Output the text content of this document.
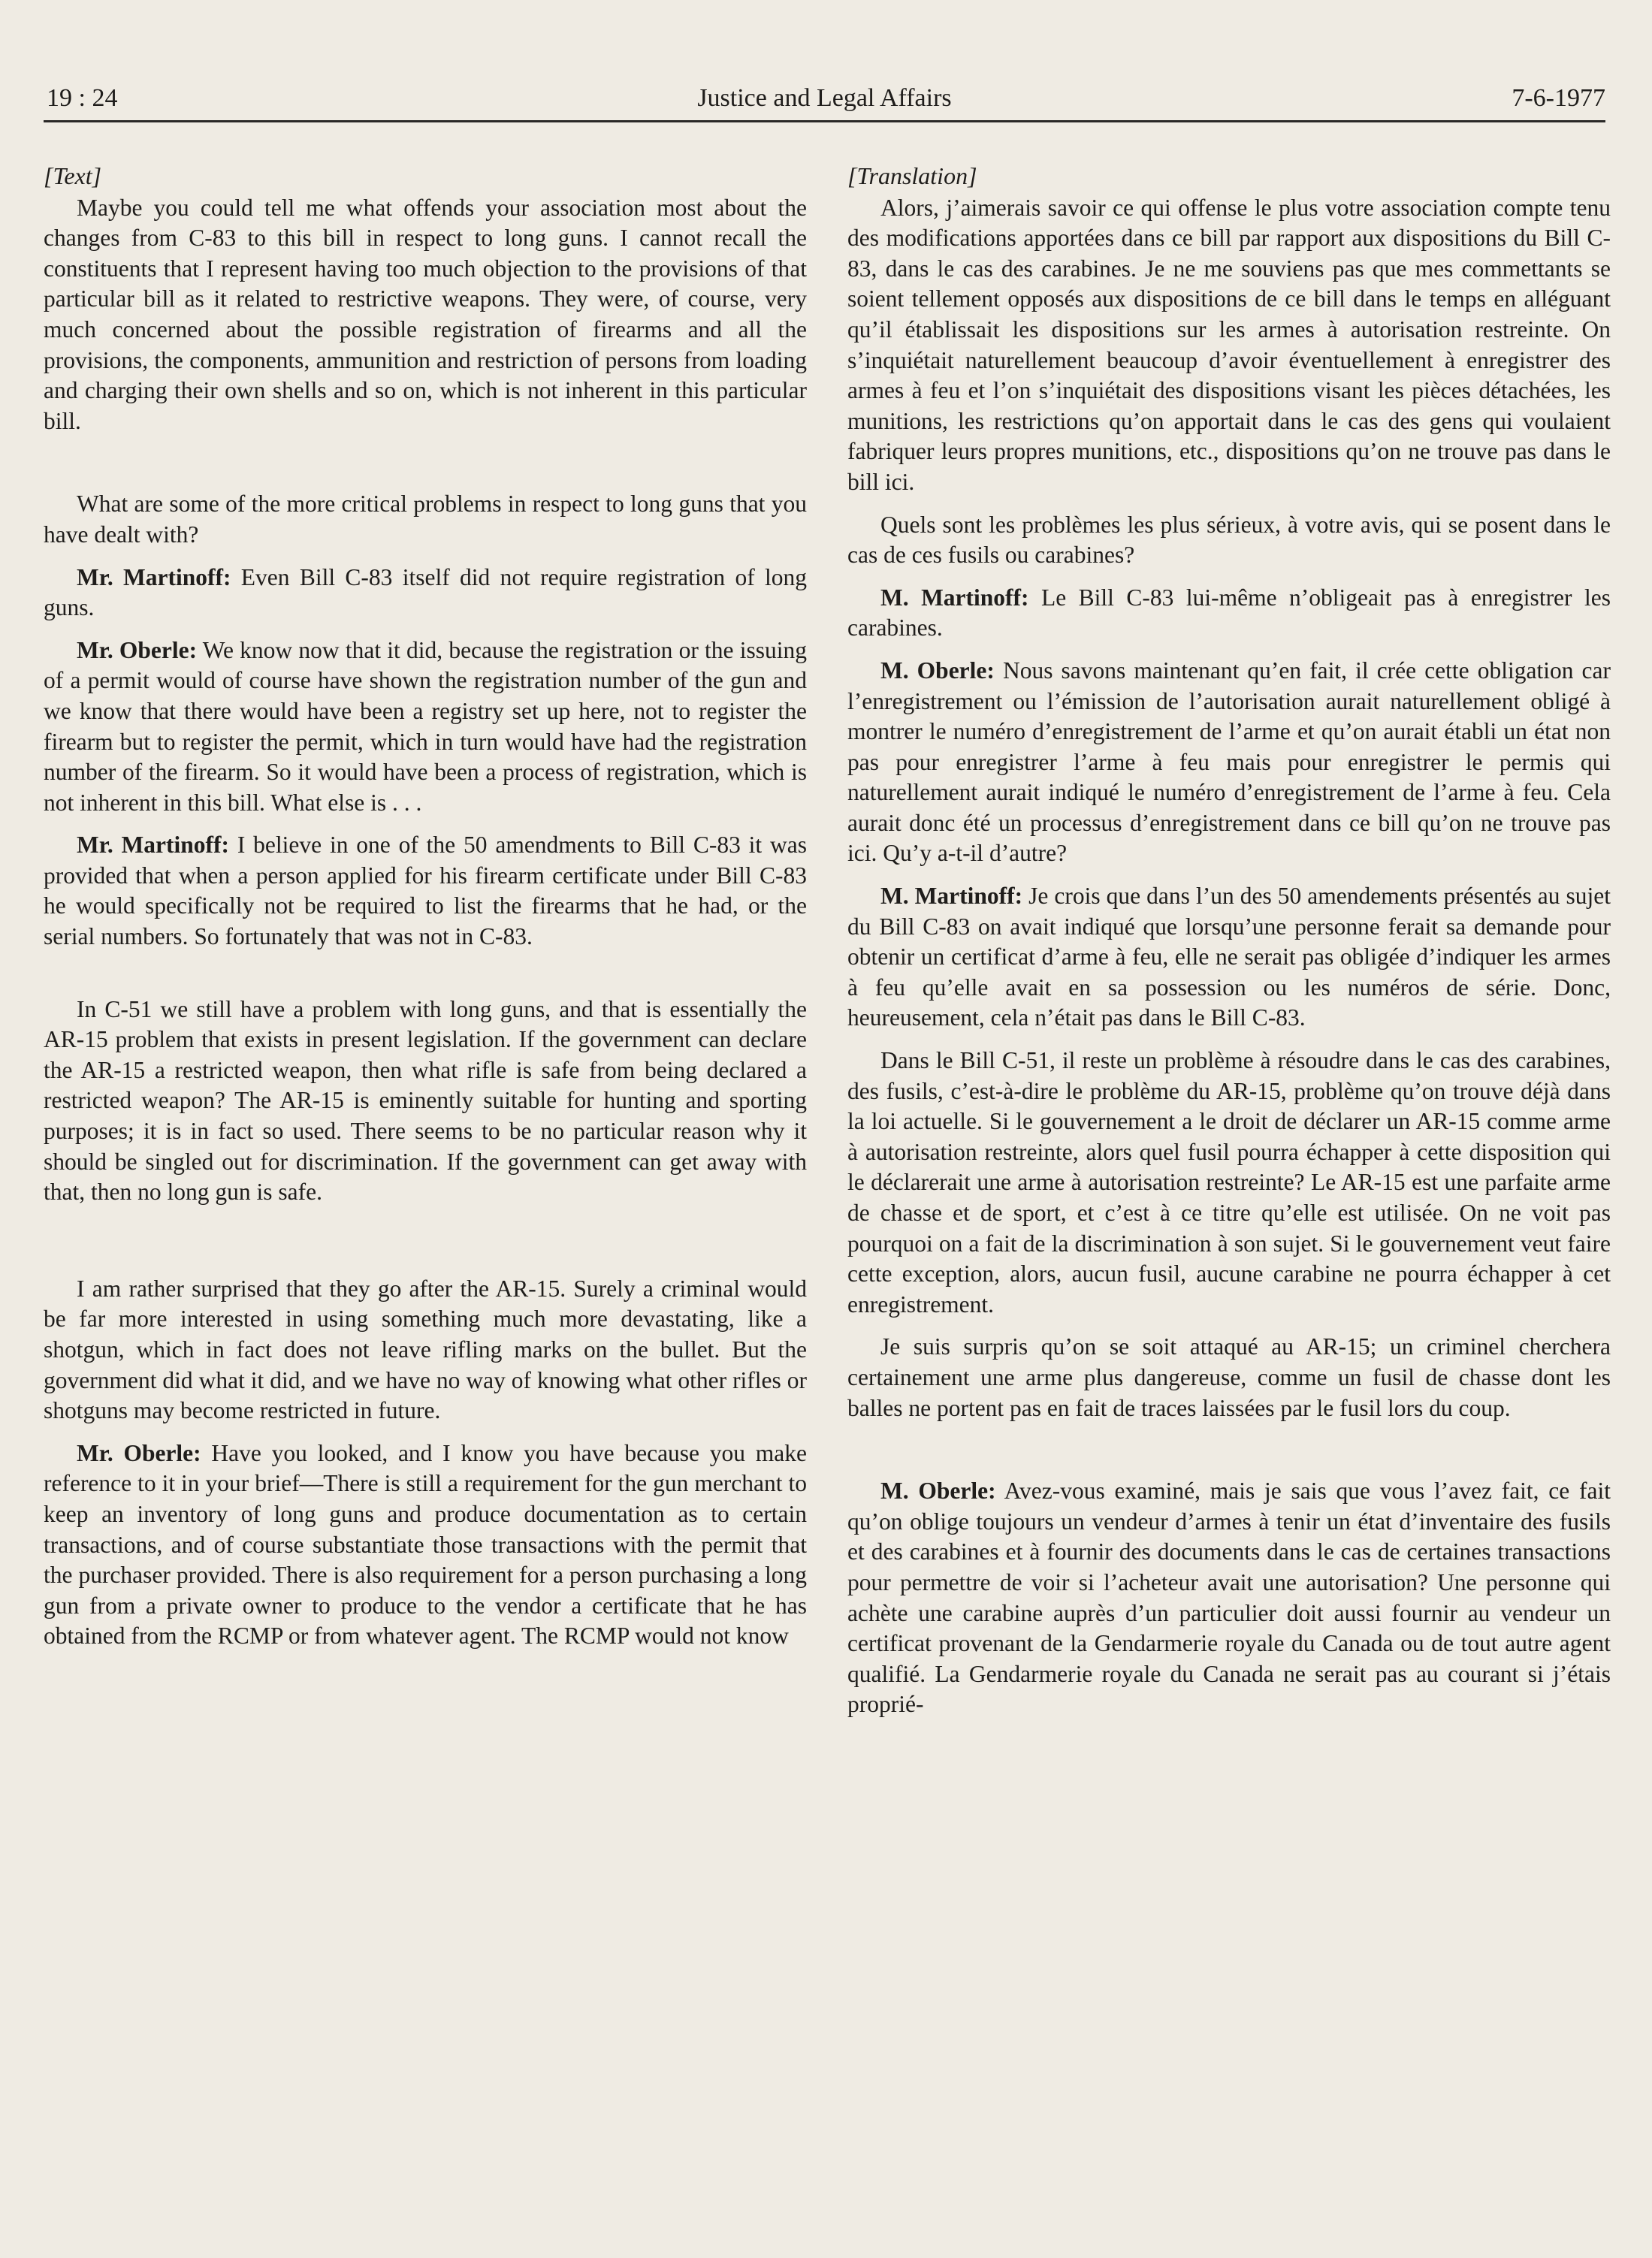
19 : 24	Justice and Legal Affairs	7-6-1977
[Text]

Maybe you could tell me what offends your association most about the changes from C-83 to this bill in respect to long guns. I cannot recall the constituents that I represent having too much objection to the provisions of that particular bill as it related to restrictive weapons. They were, of course, very much concerned about the possible registration of firearms and all the provisions, the components, ammunition and restriction of persons from loading and charging their own shells and so on, which is not inherent in this particular bill.

What are some of the more critical problems in respect to long guns that you have dealt with?

Mr. Martinoff: Even Bill C-83 itself did not require registration of long guns.

Mr. Oberle: We know now that it did, because the registration or the issuing of a permit would of course have shown the registration number of the gun and we know that there would have been a registry set up here, not to register the firearm but to register the permit, which in turn would have had the registration number of the firearm. So it would have been a process of registration, which is not inherent in this bill. What else is . . .

Mr. Martinoff: I believe in one of the 50 amendments to Bill C-83 it was provided that when a person applied for his firearm certificate under Bill C-83 he would specifically not be required to list the firearms that he had, or the serial numbers. So fortunately that was not in C-83.

In C-51 we still have a problem with long guns, and that is essentially the AR-15 problem that exists in present legislation. If the government can declare the AR-15 a restricted weapon, then what rifle is safe from being declared a restricted weapon? The AR-15 is eminently suitable for hunting and sporting purposes; it is in fact so used. There seems to be no particular reason why it should be singled out for discrimination. If the government can get away with that, then no long gun is safe.

I am rather surprised that they go after the AR-15. Surely a criminal would be far more interested in using something much more devastating, like a shotgun, which in fact does not leave rifling marks on the bullet. But the government did what it did, and we have no way of knowing what other rifles or shotguns may become restricted in future.

Mr. Oberle: Have you looked, and I know you have because you make reference to it in your brief—There is still a requirement for the gun merchant to keep an inventory of long guns and produce documentation as to certain transactions, and of course substantiate those transactions with the permit that the purchaser provided. There is also requirement for a person purchasing a long gun from a private owner to produce to the vendor a certificate that he has obtained from the RCMP or from whatever agent. The RCMP would not know

[Translation]

Alors, j’aimerais savoir ce qui offense le plus votre association compte tenu des modifications apportées dans ce bill par rapport aux dispositions du Bill C-83, dans le cas des carabines. Je ne me souviens pas que mes commettants se soient tellement opposés aux dispositions de ce bill dans le temps en alléguant qu’il établissait les dispositions sur les armes à autorisation restreinte. On s’inquiétait naturellement beaucoup d’avoir éventuellement à enregistrer des armes à feu et l’on s’inquiétait des dispositions visant les pièces détachées, les munitions, les restrictions qu’on apportait dans le cas des gens qui voulaient fabriquer leurs propres munitions, etc., dispositions qu’on ne trouve pas dans le bill ici.

Quels sont les problèmes les plus sérieux, à votre avis, qui se posent dans le cas de ces fusils ou carabines?

M. Martinoff: Le Bill C-83 lui-même n’obligeait pas à enregistrer les carabines.

M. Oberle: Nous savons maintenant qu’en fait, il crée cette obligation car l’enregistrement ou l’émission de l’autorisation aurait naturellement obligé à montrer le numéro d’enregistrement de l’arme et qu’on aurait établi un état non pas pour enregistrer l’arme à feu mais pour enregistrer le permis qui naturellement aurait indiqué le numéro d’enregistrement de l’arme à feu. Cela aurait donc été un processus d’enregistrement dans ce bill qu’on ne trouve pas ici. Qu’y a-t-il d’autre?

M. Martinoff: Je crois que dans l’un des 50 amendements présentés au sujet du Bill C-83 on avait indiqué que lorsqu’une personne ferait sa demande pour obtenir un certificat d’arme à feu, elle ne serait pas obligée d’indiquer les armes à feu qu’elle avait en sa possession ou les numéros de série. Donc, heureusement, cela n’était pas dans le Bill C-83.

Dans le Bill C-51, il reste un problème à résoudre dans le cas des carabines, des fusils, c’est-à-dire le problème du AR-15, problème qu’on trouve déjà dans la loi actuelle. Si le gouvernement a le droit de déclarer un AR-15 comme arme à autorisation restreinte, alors quel fusil pourra échapper à cette disposition qui le déclarerait une arme à autorisation restreinte? Le AR-15 est une parfaite arme de chasse et de sport, et c’est à ce titre qu’elle est utilisée. On ne voit pas pourquoi on a fait de la discrimination à son sujet. Si le gouvernement veut faire cette exception, alors, aucun fusil, aucune carabine ne pourra échapper à cet enregistrement.

Je suis surpris qu’on se soit attaqué au AR-15; un criminel cherchera certainement une arme plus dangereuse, comme un fusil de chasse dont les balles ne portent pas en fait de traces laissées par le fusil lors du coup.

M. Oberle: Avez-vous examiné, mais je sais que vous l’avez fait, ce fait qu’on oblige toujours un vendeur d’armes à tenir un état d’inventaire des fusils et des carabines et à fournir des documents dans le cas de certaines transactions pour permettre de voir si l’acheteur avait une autorisation? Une personne qui achète une carabine auprès d’un particulier doit aussi fournir au vendeur un certificat provenant de la Gendarmerie royale du Canada ou de tout autre agent qualifié. La Gendarmerie royale du Canada ne serait pas au courant si j’étais proprié-
